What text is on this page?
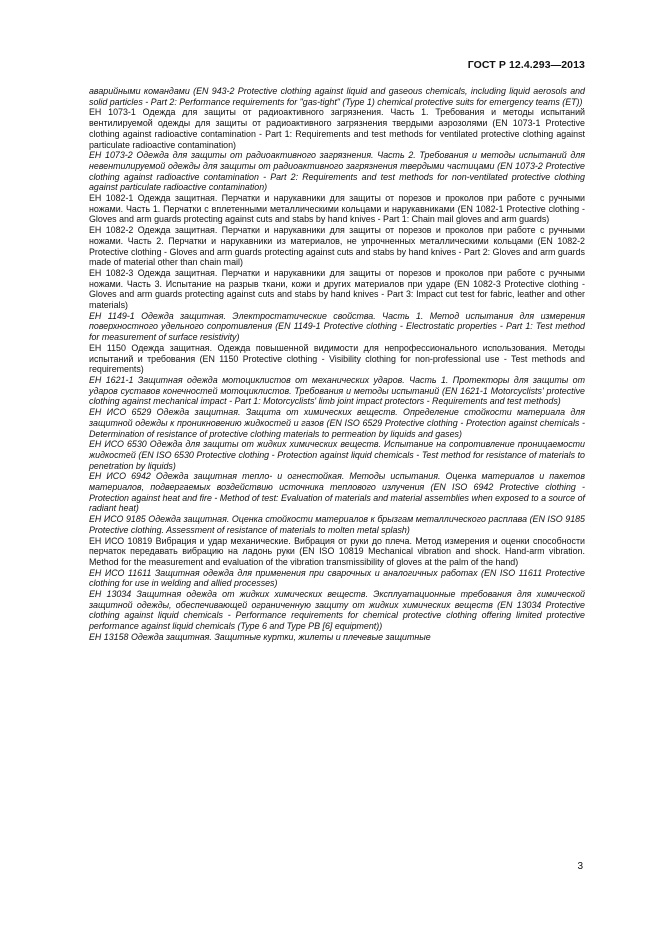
ГОСТ Р 12.4.293—2013

аварийными командами (EN 943-2 Protective clothing against liquid and gaseous chemicals, including liquid aerosols and solid particles - Part 2: Performance requirements for "gas-tight" (Type 1) chemical protective suits for emergency teams (ET))

ЕН 1073-1 Одежда для защиты от радиоактивного загрязнения. Часть 1. Требования и методы испытаний вентилируемой одежды для защиты от радиоактивного загрязнения твердыми аэрозолями (EN 1073-1 Protective clothing against radioactive contamination - Part 1: Requirements and test methods for ventilated protective clothing against particulate radioactive contamination)

ЕН 1073-2 Одежда для защиты от радиоактивного загрязнения. Часть 2. Требования и методы испытаний для невентилируемой одежды для защиты от радиоактивного загрязнения твердыми частицами (EN 1073-2 Protective clothing against radioactive contamination - Part 2: Requirements and test methods for non-ventilated protective clothing against particulate radioactive contamination)

ЕН 1082-1 Одежда защитная. Перчатки и нарукавники для защиты от порезов и проколов при работе с ручными ножами. Часть 1. Перчатки с вплетенными металлическими кольцами и нарукавниками (EN 1082-1 Protective clothing - Gloves and arm guards protecting against cuts and stabs by hand knives - Part 1: Chain mail gloves and arm guards)

ЕН 1082-2 Одежда защитная. Перчатки и нарукавники для защиты от порезов и проколов при работе с ручными ножами. Часть 2. Перчатки и нарукавники из материалов, не упрочненных металлическими кольцами (EN 1082-2 Protective clothing - Gloves and arm guards protecting against cuts and stabs by hand knives - Part 2: Gloves and arm guards made of material other than chain mail)

ЕН 1082-3 Одежда защитная. Перчатки и нарукавники для защиты от порезов и проколов при работе с ручными ножами. Часть 3. Испытание на разрыв ткани, кожи и других материалов при ударе (EN 1082-3 Protective clothing - Gloves and arm guards protecting against cuts and stabs by hand knives - Part 3: Impact cut test for fabric, leather and other materials)

ЕН 1149-1 Одежда защитная. Электростатические свойства. Часть 1. Метод испытания для измерения поверхностного удельного сопротивления (EN 1149-1 Protective clothing - Electrostatic properties - Part 1: Test method for measurement of surface resistivity)

ЕН 1150 Одежда защитная. Одежда повышенной видимости для непрофессионального использования. Методы испытаний и требования (EN 1150 Protective clothing - Visibility clothing for non-professional use - Test methods and requirements)

ЕН 1621-1 Защитная одежда мотоциклистов от механических ударов. Часть 1. Протекторы для защиты от ударов суставов конечностей мотоциклистов. Требования и методы испытаний (EN 1621-1 Motorcyclists' protective clothing against mechanical impact - Part 1: Motorcyclists' limb joint impact protectors - Requirements and test methods)

ЕН ИСО 6529 Одежда защитная. Защита от химических веществ. Определение стойкости материала для защитной одежды к проникновению жидкостей и газов (EN ISO 6529 Protective clothing - Protection against chemicals - Determination of resistance of protective clothing materials to permeation by liquids and gases)

ЕН ИСО 6530 Одежда для защиты от жидких химических веществ. Испытание на сопротивление проницаемости жидкостей (EN ISO 6530 Protective clothing - Protection against liquid chemicals - Test method for resistance of materials to penetration by liquids)

ЕН ИСО 6942 Одежда защитная тепло- и огнестойкая. Методы испытания. Оценка материалов и пакетов материалов, подвергаемых воздействию источника теплового излучения (EN ISO 6942 Protective clothing - Protection against heat and fire - Method of test: Evaluation of materials and material assemblies when exposed to a source of radiant heat)

ЕН ИСО 9185 Одежда защитная. Оценка стойкости материалов к брызгам металлического расплава (EN ISO 9185 Protective clothing. Assessment of resistance of materials to molten metal splash)

ЕН ИСО 10819 Вибрация и удар механические. Вибрация от руки до плеча. Метод измерения и оценки способности перчаток передавать вибрацию на ладонь руки (EN ISO 10819 Mechanical vibration and shock. Hand-arm vibration. Method for the measurement and evaluation of the vibration transmissibility of gloves at the palm of the hand)

ЕН ИСО 11611 Защитная одежда для применения при сварочных и аналогичных работах (EN ISO 11611 Protective clothing for use in welding and allied processes)

ЕН 13034 Защитная одежда от жидких химических веществ. Эксплуатационные требования для химической защитной одежды, обеспечивающей ограниченную защиту от жидких химических веществ (EN 13034 Protective clothing against liquid chemicals - Performance requirements for chemical protective clothing offering limited protective performance against liquid chemicals (Type 6 and Type PB [6] equipment))

ЕН 13158 Одежда защитная. Защитные куртки, жилеты и плечевые защитные

3
